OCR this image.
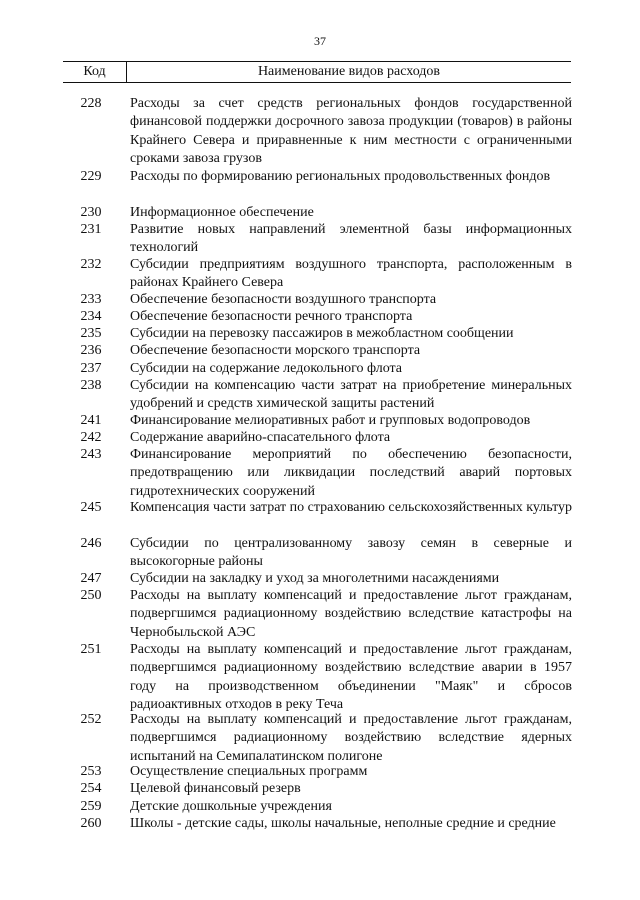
37
Код	Наименование видов расходов
228	Расходы за счет средств региональных фондов государственной финансовой поддержки досрочного завоза продукции (товаров) в районы Крайнего Севера и приравненные к ним местности с ограниченными сроками завоза грузов
229	Расходы по формированию региональных продовольственных фондов
230	Информационное обеспечение
231	Развитие новых направлений элементной базы информационных технологий
232	Субсидии предприятиям воздушного транспорта, расположенным в районах Крайнего Севера
233	Обеспечение безопасности воздушного транспорта
234	Обеспечение безопасности речного транспорта
235	Субсидии на перевозку пассажиров в межобластном сообщении
236	Обеспечение безопасности морского транспорта
237	Субсидии на содержание ледокольного флота
238	Субсидии на компенсацию части затрат на приобретение минеральных удобрений и средств химической защиты растений
241	Финансирование мелиоративных работ и групповых водопроводов
242	Содержание аварийно-спасательного флота
243	Финансирование мероприятий по обеспечению безопасности, предотвращению или ликвидации последствий аварий портовых гидротехнических сооружений
245	Компенсация части затрат по страхованию сельскохозяйственных культур
246	Субсидии по централизованному завозу семян в северные и высокогорные районы
247	Субсидии на закладку и уход за многолетними насаждениями
250	Расходы на выплату компенсаций и предоставление льгот гражданам, подвергшимся радиационному воздействию вследствие катастрофы на Чернобыльской АЭС
251	Расходы на выплату компенсаций и предоставление льгот гражданам, подвергшимся радиационному воздействию вследствие аварии в 1957 году на производственном объединении "Маяк" и сбросов радиоактивных отходов в реку Теча
252	Расходы на выплату компенсаций и предоставление льгот гражданам, подвергшимся радиационному воздействию вследствие ядерных испытаний на Семипалатинском полигоне
253	Осуществление специальных программ
254	Целевой финансовый резерв
259	Детские дошкольные учреждения
260	Школы - детские сады, школы начальные, неполные средние и средние
